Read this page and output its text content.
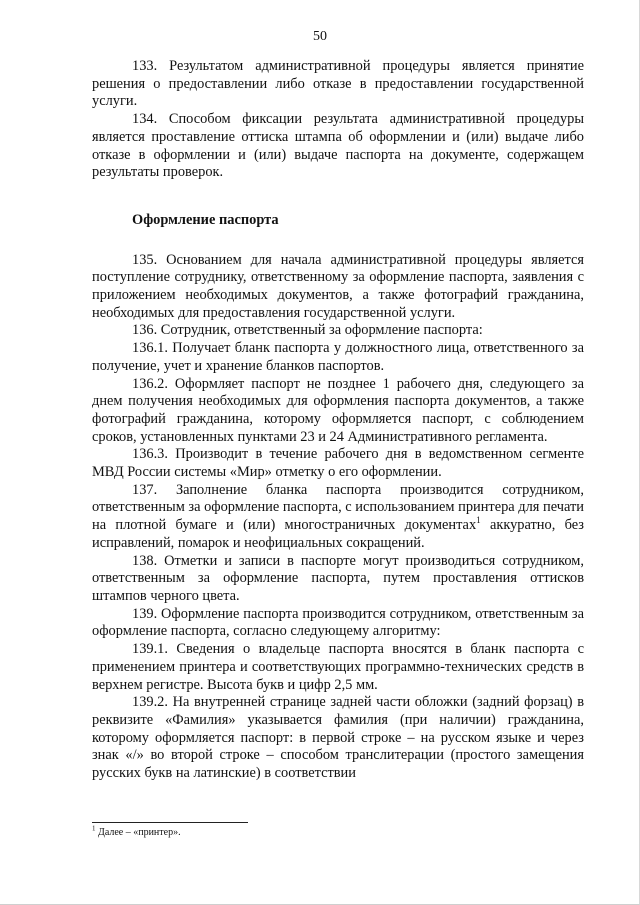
50

133. Результатом административной процедуры является принятие решения о предоставлении либо отказе в предоставлении государственной услуги.

134. Способом фиксации результата административной процедуры является проставление оттиска штампа об оформлении и (или) выдаче либо отказе в оформлении и (или) выдаче паспорта на документе, содержащем результаты проверок.

Оформление паспорта

135. Основанием для начала административной процедуры является поступление сотруднику, ответственному за оформление паспорта, заявления с приложением необходимых документов, а также фотографий гражданина, необходимых для предоставления государственной услуги.

136. Сотрудник, ответственный за оформление паспорта:

136.1. Получает бланк паспорта у должностного лица, ответственного за получение, учет и хранение бланков паспортов.

136.2. Оформляет паспорт не позднее 1 рабочего дня, следующего за днем получения необходимых для оформления паспорта документов, а также фотографий гражданина, которому оформляется паспорт, с соблюдением сроков, установленных пунктами 23 и 24 Административного регламента.

136.3. Производит в течение рабочего дня в ведомственном сегменте МВД России системы «Мир» отметку о его оформлении.

137. Заполнение бланка паспорта производится сотрудником, ответственным за оформление паспорта, с использованием принтера для печати на плотной бумаге и (или) многостраничных документах$^1$ аккуратно, без исправлений, помарок и неофициальных сокращений.

138. Отметки и записи в паспорте могут производиться сотрудником, ответственным за оформление паспорта, путем проставления оттисков штампов черного цвета.

139. Оформление паспорта производится сотрудником, ответственным за оформление паспорта, согласно следующему алгоритму:

139.1. Сведения о владельце паспорта вносятся в бланк паспорта с применением принтера и соответствующих программно-технических средств в верхнем регистре. Высота букв и цифр 2,5 мм.

139.2. На внутренней странице задней части обложки (задний форзац) в реквизите «Фамилия» указывается фамилия (при наличии) гражданина, которому оформляется паспорт: в первой строке – на русском языке и через знак «/» во второй строке – способом транслитерации (простого замещения русских букв на латинские) в соответствии

$^1$ Далее – «принтер».
